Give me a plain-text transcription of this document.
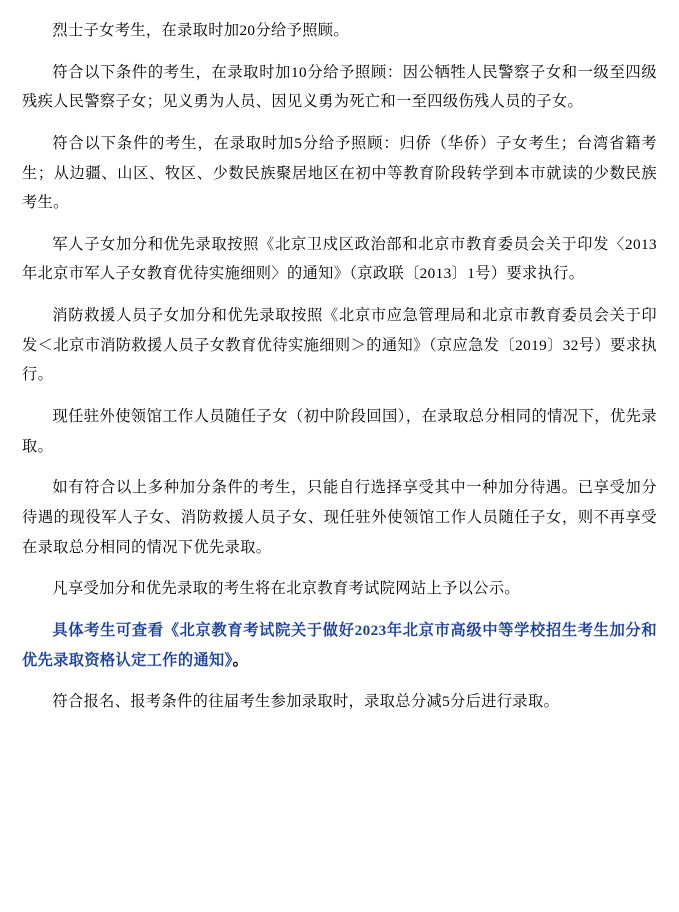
烈士子女考生，在录取时加20分给予照顾。

符合以下条件的考生，在录取时加10分给予照顾：因公牺牲人民警察子女和一级至四级残疾人民警察子女；见义勇为人员、因见义勇为死亡和一至四级伤残人员的子女。

符合以下条件的考生，在录取时加5分给予照顾：归侨（华侨）子女考生；台湾省籍考生；从边疆、山区、牧区、少数民族聚居地区在初中等教育阶段转学到本市就读的少数民族考生。

军人子女加分和优先录取按照《北京卫戍区政治部和北京市教育委员会关于印发〈2013年北京市军人子女教育优待实施细则〉的通知》（京政联〔2013〕1号）要求执行。

消防救援人员子女加分和优先录取按照《北京市应急管理局和北京市教育委员会关于印发＜北京市消防救援人员子女教育优待实施细则＞的通知》（京应急发〔2019〕32号）要求执行。

现任驻外使领馆工作人员随任子女（初中阶段回国），在录取总分相同的情况下，优先录取。

如有符合以上多种加分条件的考生，只能自行选择享受其中一种加分待遇。已享受加分待遇的现役军人子女、消防救援人员子女、现任驻外使领馆工作人员随任子女，则不再享受在录取总分相同的情况下优先录取。

凡享受加分和优先录取的考生将在北京教育考试院网站上予以公示。

具体考生可查看《北京教育考试院关于做好2023年北京市高级中等学校招生考生加分和优先录取资格认定工作的通知》。

符合报名、报考条件的往届考生参加录取时，录取总分减5分后进行录取。
